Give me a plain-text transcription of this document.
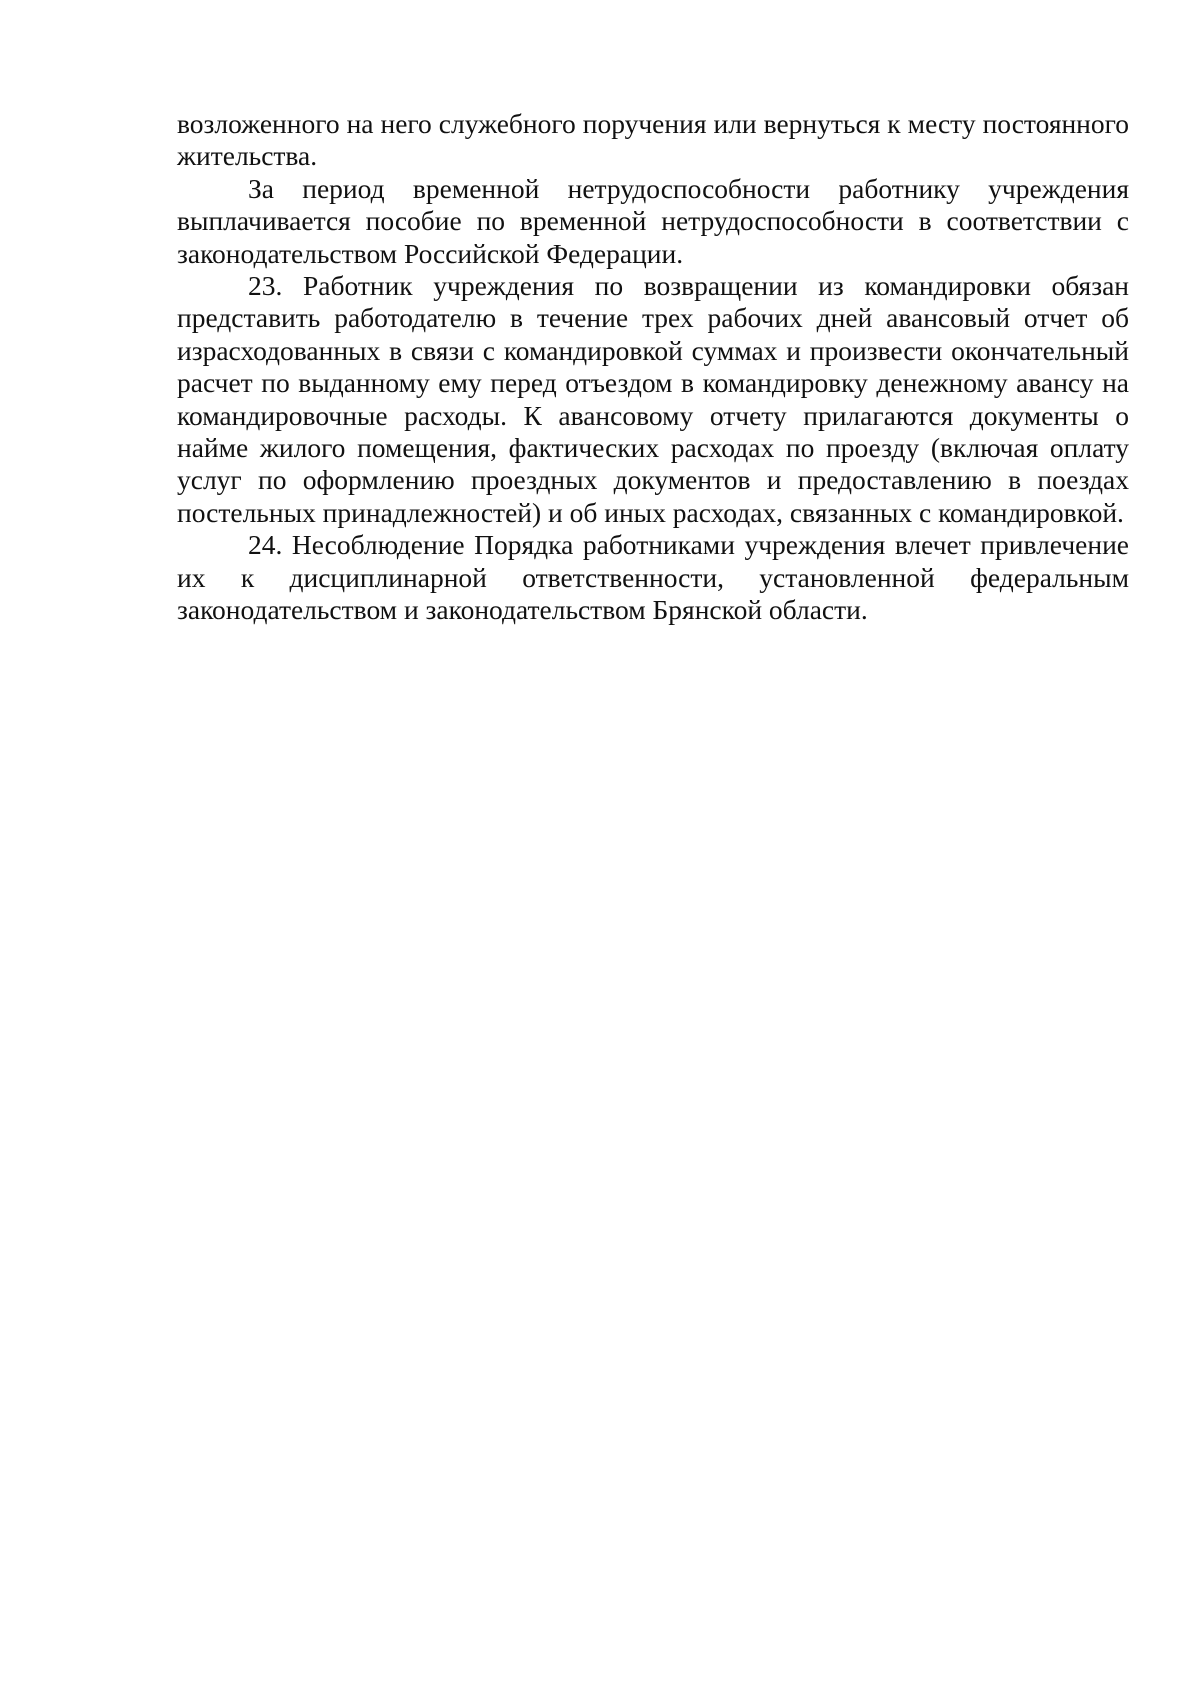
возложенного на него служебного поручения или вернуться к месту постоянного жительства.

За период временной нетрудоспособности работнику учреждения выплачивается пособие по временной нетрудоспособности в соответствии с законодательством Российской Федерации.

23. Работник учреждения по возвращении из командировки обязан представить работодателю в течение трех рабочих дней авансовый отчет об израсходованных в связи с командировкой суммах и произвести окончательный расчет по выданному ему перед отъездом в командировку денежному авансу на командировочные расходы. К авансовому отчету прилагаются документы о найме жилого помещения, фактических расходах по проезду (включая оплату услуг по оформлению проездных документов и предоставлению в поездах постельных принадлежностей) и об иных расходах, связанных с командировкой.

24. Несоблюдение Порядка работниками учреждения влечет привлечение их к дисциплинарной ответственности, установленной федеральным законодательством и законодательством Брянской области.
